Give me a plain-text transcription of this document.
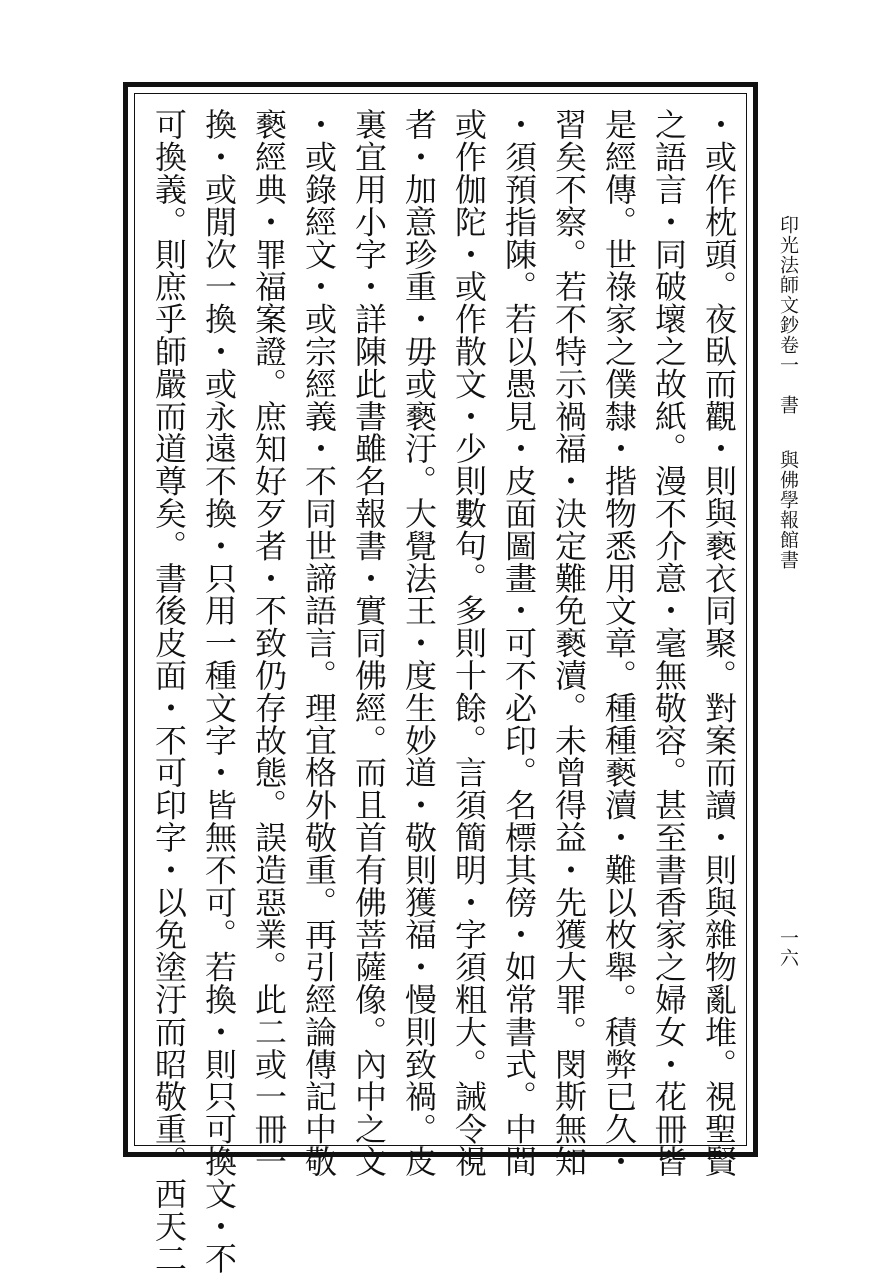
・或作枕頭。夜臥而觀・則與褻衣同聚。對案而讀・則與雜物亂堆。視聖賢
之語言・同破壞之故紙。漫不介意・毫無敬容。甚至書香家之婦女・花冊皆
是經傳。世祿家之僕隸・揩物悉用文章。種種褻瀆・難以枚舉。積弊已久・
習矣不察。若不特示禍福・決定難免褻瀆。未曾得益・先獲大罪。閔斯無知
・須預指陳。若以愚見・皮面圖畫・可不必印。名標其傍・如常書式。中間
或作伽陀・或作散文・少則數句。多則十餘。言須簡明・字須粗大。誡令視
者・加意珍重・毋或褻汙。大覺法王・度生妙道・敬則獲福・慢則致禍。皮
裏宜用小字・詳陳此書雖名報書・實同佛經。而且首有佛菩薩像。內中之文
・或錄經文・或宗經義・不同世諦語言。理宜格外敬重。再引經論傳記中敬
褻經典・罪福案證。庶知好歹者・不致仍存故態。誤造惡業。此二或一冊一
換・或閒次一換・或永遠不換・只用一種文字・皆無不可。若換・則只可換文・不
可換義。則庶乎師嚴而道尊矣。書後皮面・不可印字・以免塗汙而昭敬重。西天二	印光法師文鈔卷一
書
與佛學報館書
一六
